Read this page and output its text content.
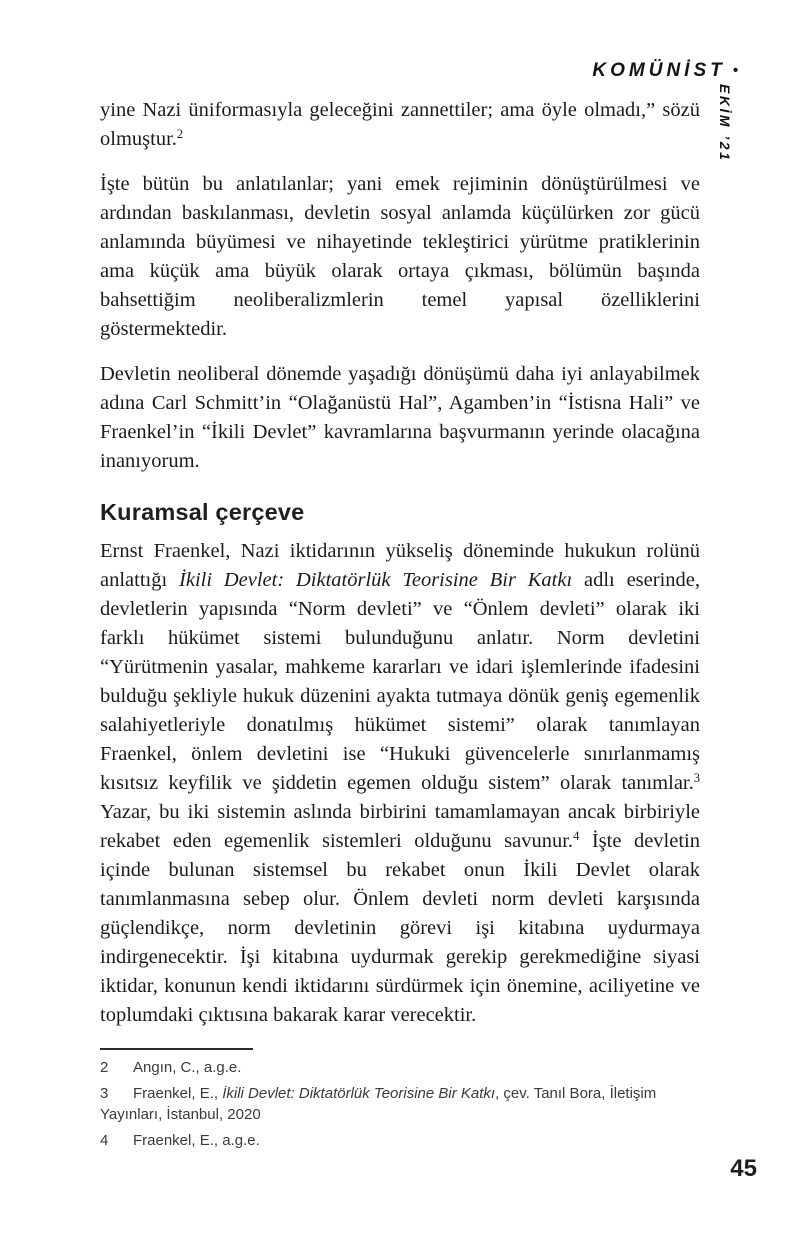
KOMÜNİST •
EKİM ’21

yine Nazi üniformasıyla geleceğini zannettiler; ama öyle olmadı,” sözü olmuştur.$^2$

İşte bütün bu anlatılanlar; yani emek rejiminin dönüştürülmesi ve ardından baskılanması, devletin sosyal anlamda küçülürken zor gücü anlamında büyümesi ve nihayetinde tekleştirici yürütme pratiklerinin ama küçük ama büyük olarak ortaya çıkması, bölümün başında bahsettiğim neoliberalizmlerin temel yapısal özelliklerini göstermektedir.

Devletin neoliberal dönemde yaşadığı dönüşümü daha iyi anlayabilmek adına Carl Schmitt’in “Olağanüstü Hal”, Agamben’in “İstisna Hali” ve Fraenkel’in “İkili Devlet” kavramlarına başvurmanın yerinde olacağına inanıyorum.

Kuramsal çerçeve

Ernst Fraenkel, Nazi iktidarının yükseliş döneminde hukukun rolünü anlattığı İkili Devlet: Diktatörlük Teorisine Bir Katkı adlı eserinde, devletlerin yapısında “Norm devleti” ve “Önlem devleti” olarak iki farklı hükümet sistemi bulunduğunu anlatır. Norm devletini “Yürütmenin yasalar, mahkeme kararları ve idari işlemlerinde ifadesini bulduğu şekliyle hukuk düzenini ayakta tutmaya dönük geniş egemenlik salahiyetleriyle donatılmış hükümet sistemi” olarak tanımlayan Fraenkel, önlem devletini ise “Hukuki güvencelerle sınırlanmamış kısıtsız keyfilik ve şiddetin egemen olduğu sistem” olarak tanımlar.$^3$ Yazar, bu iki sistemin aslında birbirini tamamlamayan ancak birbiriyle rekabet eden egemenlik sistemleri olduğunu savunur.$^4$ İşte devletin içinde bulunan sistemsel bu rekabet onun İkili Devlet olarak tanımlanmasına sebep olur. Önlem devleti norm devleti karşısında güçlendikçe, norm devletinin görevi işi kitabına uydurmaya indirgenecektir. İşi kitabına uydurmak gerekip gerekmediğine siyasi iktidar, konunun kendi iktidarını sürdürmek için önemine, aciliyetine ve toplumdaki çıktısına bakarak karar verecektir.

2 Angın, C., a.g.e.

3 Fraenkel, E., İkili Devlet: Diktatörlük Teorisine Bir Katkı, çev. Tanıl Bora, İletişim Yayınları, İstanbul, 2020

4 Fraenkel, E., a.g.e.

45
